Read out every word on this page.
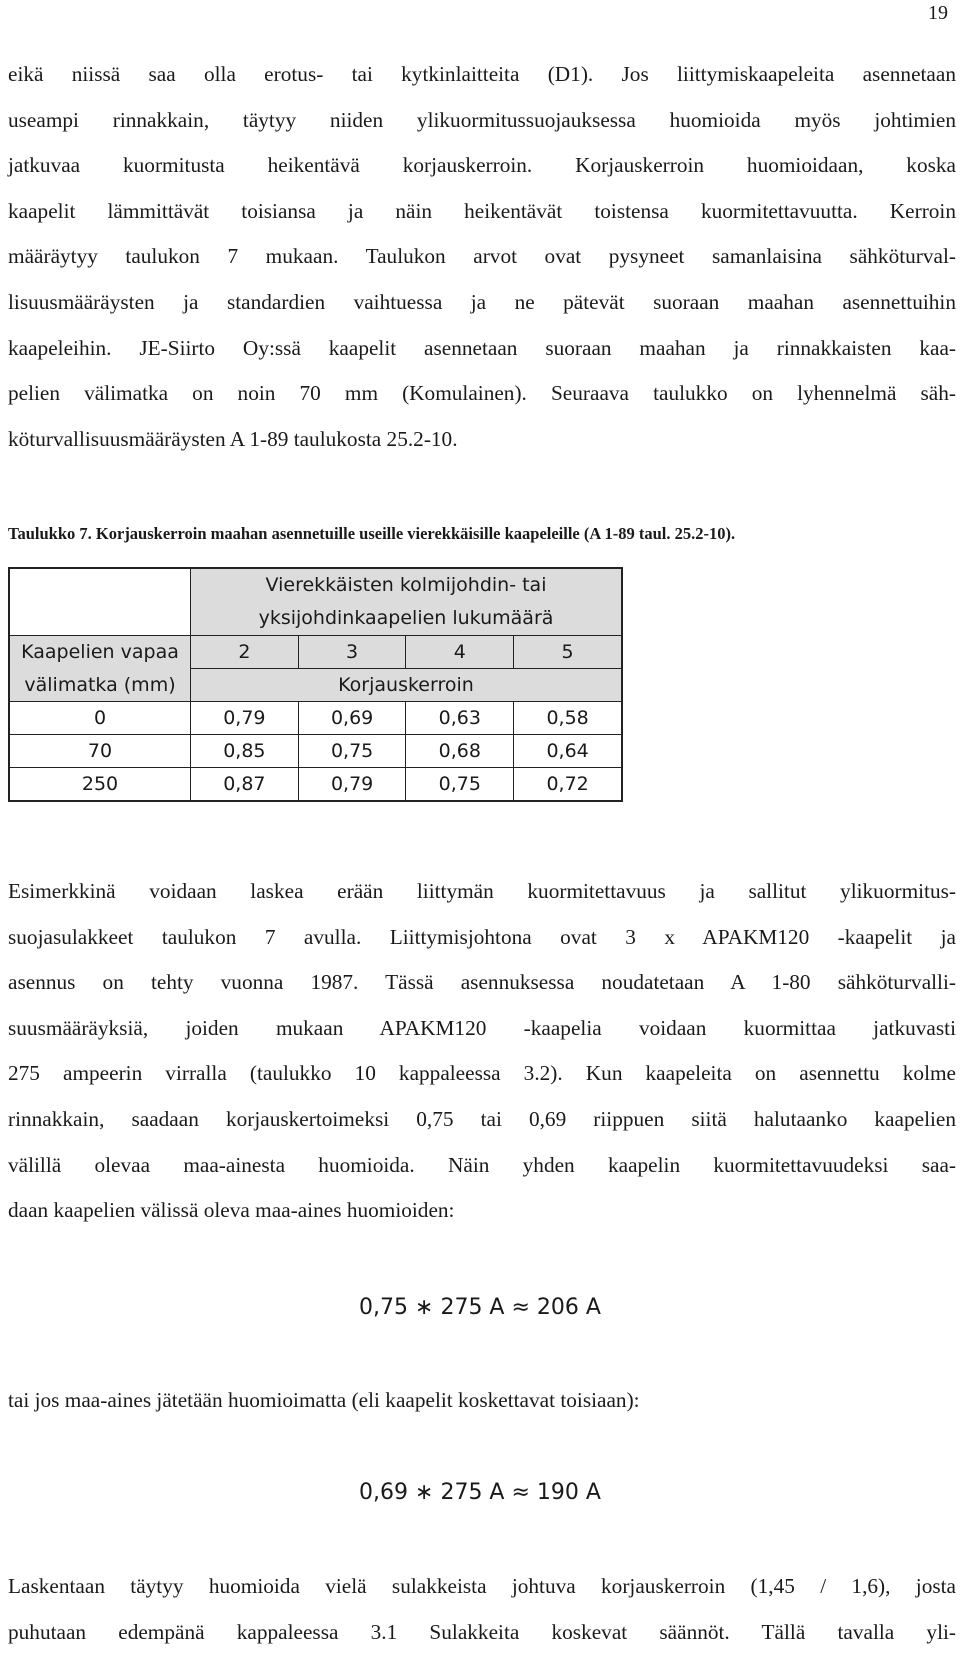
19
eikä niissä saa olla erotus- tai kytkinlaitteita (D1). Jos liittymiskaapeleita asennetaan
useampi rinnakkain, täytyy niiden ylikuormitussuojauksessa huomioida myös johtimien
jatkuvaa kuormitusta heikentävä korjauskerroin. Korjauskerroin huomioidaan, koska
kaapelit lämmittävät toisiansa ja näin heikentävät toistensa kuormitettavuutta. Kerroin
määräytyy taulukon 7 mukaan. Taulukon arvot ovat pysyneet samanlaisina sähköturval-
lisuusmääräysten ja standardien vaihtuessa ja ne pätevät suoraan maahan asennettuihin
kaapeleihin. JE-Siirto Oy:ssä kaapelit asennetaan suoraan maahan ja rinnakkaisten kaa-
pelien välimatka on noin 70 mm (Komulainen). Seuraava taulukko on lyhennelmä säh-
köturvallisuusmääräysten A 1-89 taulukosta 25.2-10.

Taulukko 7. Korjauskerroin maahan asennetuille useille vierekkäisille kaapeleille (A 1-89 taul. 25.2-10).

	Vierekkäisten kolmijohdin- tai yksijohdinkaapelien lukumäärä			
Kaapelien vapaa	2	3	4	5
välimatka (mm)	Korjauskerroin			
0	0,79	0,69	0,63	0,58
70	0,85	0,75	0,68	0,64
250	0,87	0,79	0,75	0,72
Esimerkkinä voidaan laskea erään liittymän kuormitettavuus ja sallitut ylikuormitus-
suojasulakkeet taulukon 7 avulla. Liittymisjohtona ovat 3 x APAKM120 -kaapelit ja
asennus on tehty vuonna 1987. Tässä asennuksessa noudatetaan A 1-80 sähköturvalli-
suusmääräyksiä, joiden mukaan APAKM120 -kaapelia voidaan kuormittaa jatkuvasti
275 ampeerin virralla (taulukko 10 kappaleessa 3.2). Kun kaapeleita on asennettu kolme
rinnakkain, saadaan korjauskertoimeksi 0,75 tai 0,69 riippuen siitä halutaanko kaapelien
välillä olevaa maa-ainesta huomioida. Näin yhden kaapelin kuormitettavuudeksi saa-
daan kaapelien välissä oleva maa-aines huomioiden:
0,75 ∗ 275 A ≈ 206 A
tai jos maa-aines jätetään huomioimatta (eli kaapelit koskettavat toisiaan):
0,69 ∗ 275 A ≈ 190 A
Laskentaan täytyy huomioida vielä sulakkeista johtuva korjauskerroin (1,45 / 1,6), josta
puhutaan edempänä kappaleessa 3.1 Sulakkeita koskevat säännöt. Tällä tavalla yli-
